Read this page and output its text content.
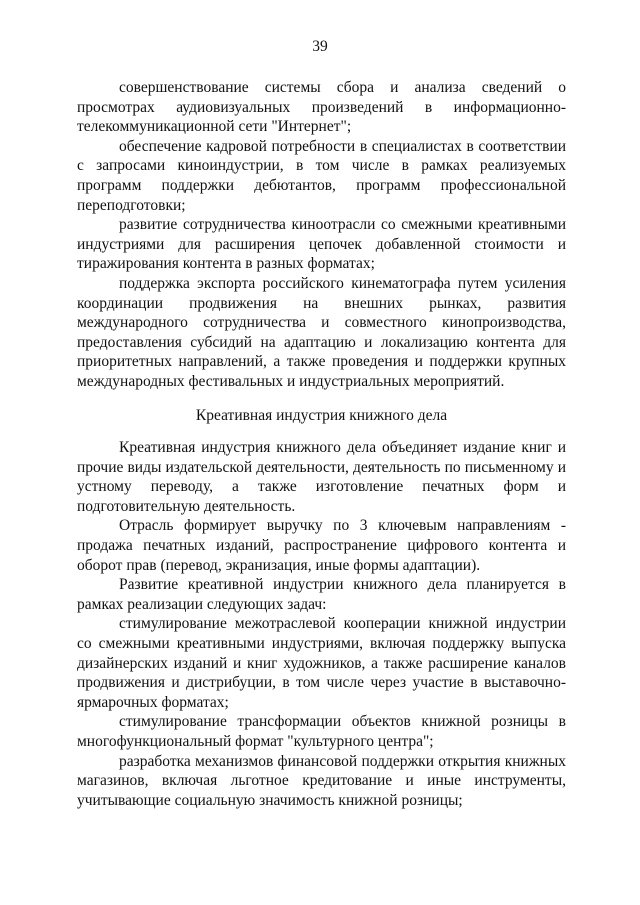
39

совершенствование системы сбора и анализа сведений о просмотрах аудиовизуальных произведений в информационно-телекоммуникационной сети "Интернет";

обеспечение кадровой потребности в специалистах в соответствии с запросами киноиндустрии, в том числе в рамках реализуемых программ поддержки дебютантов, программ профессиональной переподготовки;

развитие сотрудничества киноотрасли со смежными креативными индустриями для расширения цепочек добавленной стоимости и тиражирования контента в разных форматах;

поддержка экспорта российского кинематографа путем усиления координации продвижения на внешних рынках, развития международного сотрудничества и совместного кинопроизводства, предоставления субсидий на адаптацию и локализацию контента для приоритетных направлений, а также проведения и поддержки крупных международных фестивальных и индустриальных мероприятий.

Креативная индустрия книжного дела

Креативная индустрия книжного дела объединяет издание книг и прочие виды издательской деятельности, деятельность по письменному и устному переводу, а также изготовление печатных форм и подготовительную деятельность.

Отрасль формирует выручку по 3 ключевым направлениям - продажа печатных изданий, распространение цифрового контента и оборот прав (перевод, экранизация, иные формы адаптации).

Развитие креативной индустрии книжного дела планируется в рамках реализации следующих задач:

стимулирование межотраслевой кооперации книжной индустрии со смежными креативными индустриями, включая поддержку выпуска дизайнерских изданий и книг художников, а также расширение каналов продвижения и дистрибуции, в том числе через участие в выставочно-ярмарочных форматах;

стимулирование трансформации объектов книжной розницы в многофункциональный формат "культурного центра";

разработка механизмов финансовой поддержки открытия книжных магазинов, включая льготное кредитование и иные инструменты, учитывающие социальную значимость книжной розницы;
